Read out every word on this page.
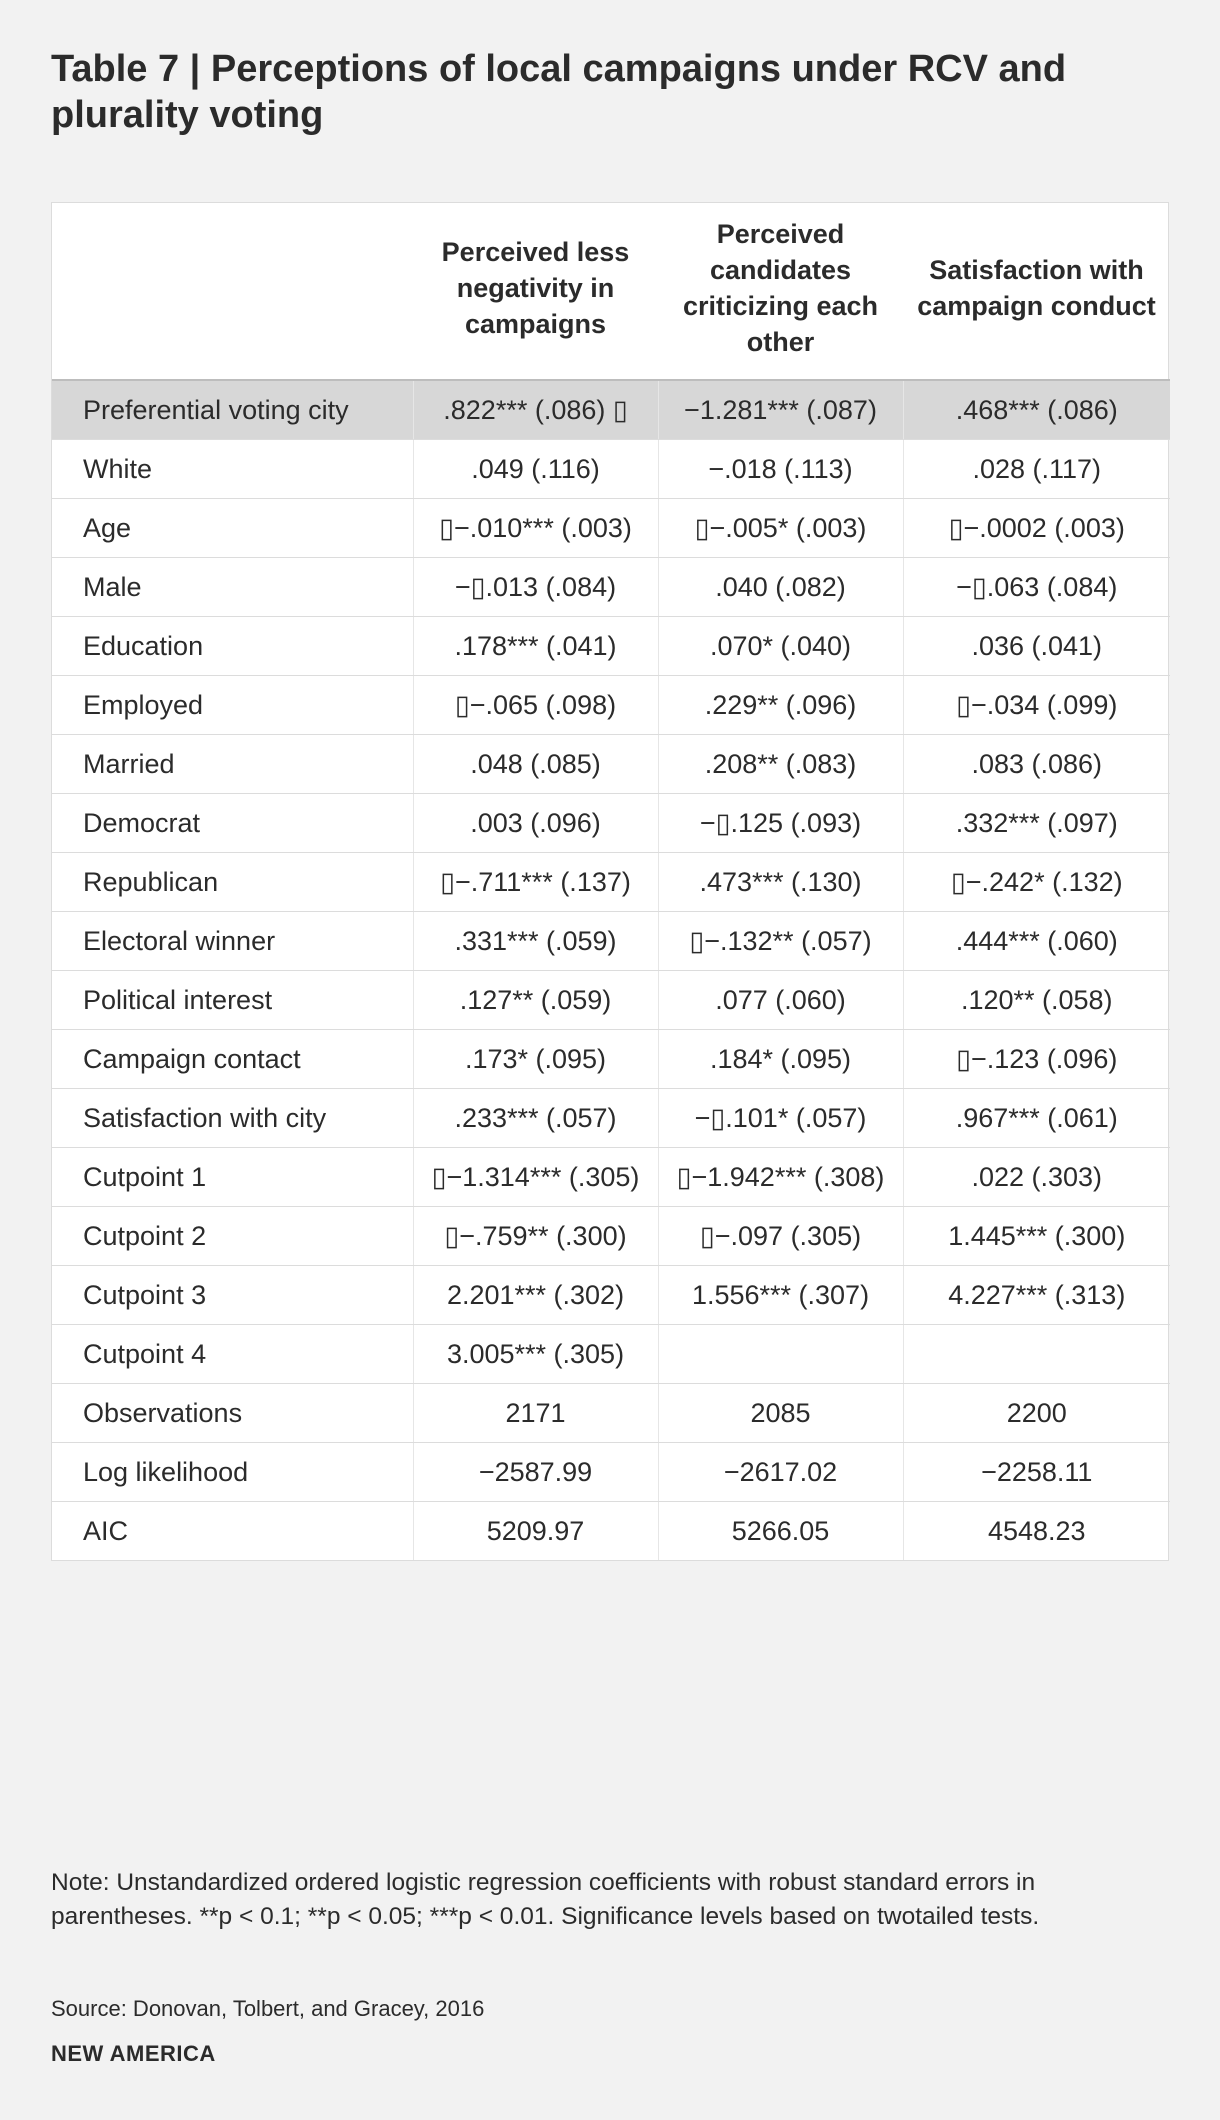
Table 7 | Perceptions of local campaigns under RCV and plurality voting
	Perceived less negativity in campaigns	Perceived candidates criticizing each other	Satisfaction with campaign conduct
Preferential voting city	.822*** (.086) ▯	−1.281*** (.087)	.468*** (.086)
White	.049 (.116)	−.018 (.113)	.028 (.117)
Age	▯−.010*** (.003)	▯−.005* (.003)	▯−.0002 (.003)
Male	−▯.013 (.084)	.040 (.082)	−▯.063 (.084)
Education	.178*** (.041)	.070* (.040)	.036 (.041)
Employed	▯−.065 (.098)	.229** (.096)	▯−.034 (.099)
Married	.048 (.085)	.208** (.083)	.083 (.086)
Democrat	.003 (.096)	−▯.125 (.093)	.332*** (.097)
Republican	▯−.711*** (.137)	.473*** (.130)	▯−.242* (.132)
Electoral winner	.331*** (.059)	▯−.132** (.057)	.444*** (.060)
Political interest	.127** (.059)	.077 (.060)	.120** (.058)
Campaign contact	.173* (.095)	.184* (.095)	▯−.123 (.096)
Satisfaction with city	.233*** (.057)	−▯.101* (.057)	.967*** (.061)
Cutpoint 1	▯−1.314*** (.305)	▯−1.942*** (.308)	.022 (.303)
Cutpoint 2	▯−.759** (.300)	▯−.097 (.305)	1.445*** (.300)
Cutpoint 3	2.201*** (.302)	1.556*** (.307)	4.227*** (.313)
Cutpoint 4	3.005*** (.305)		
Observations	2171	2085	2200
Log likelihood	−2587.99	−2617.02	−2258.11
AIC	5209.97	5266.05	4548.23

Note: Unstandardized ordered logistic regression coefficients with robust standard errors in parentheses. **p < 0.1; **p < 0.05; ***p < 0.01. Significance levels based on twotailed tests.

Source: Donovan, Tolbert, and Gracey, 2016

NEW AMERICA
